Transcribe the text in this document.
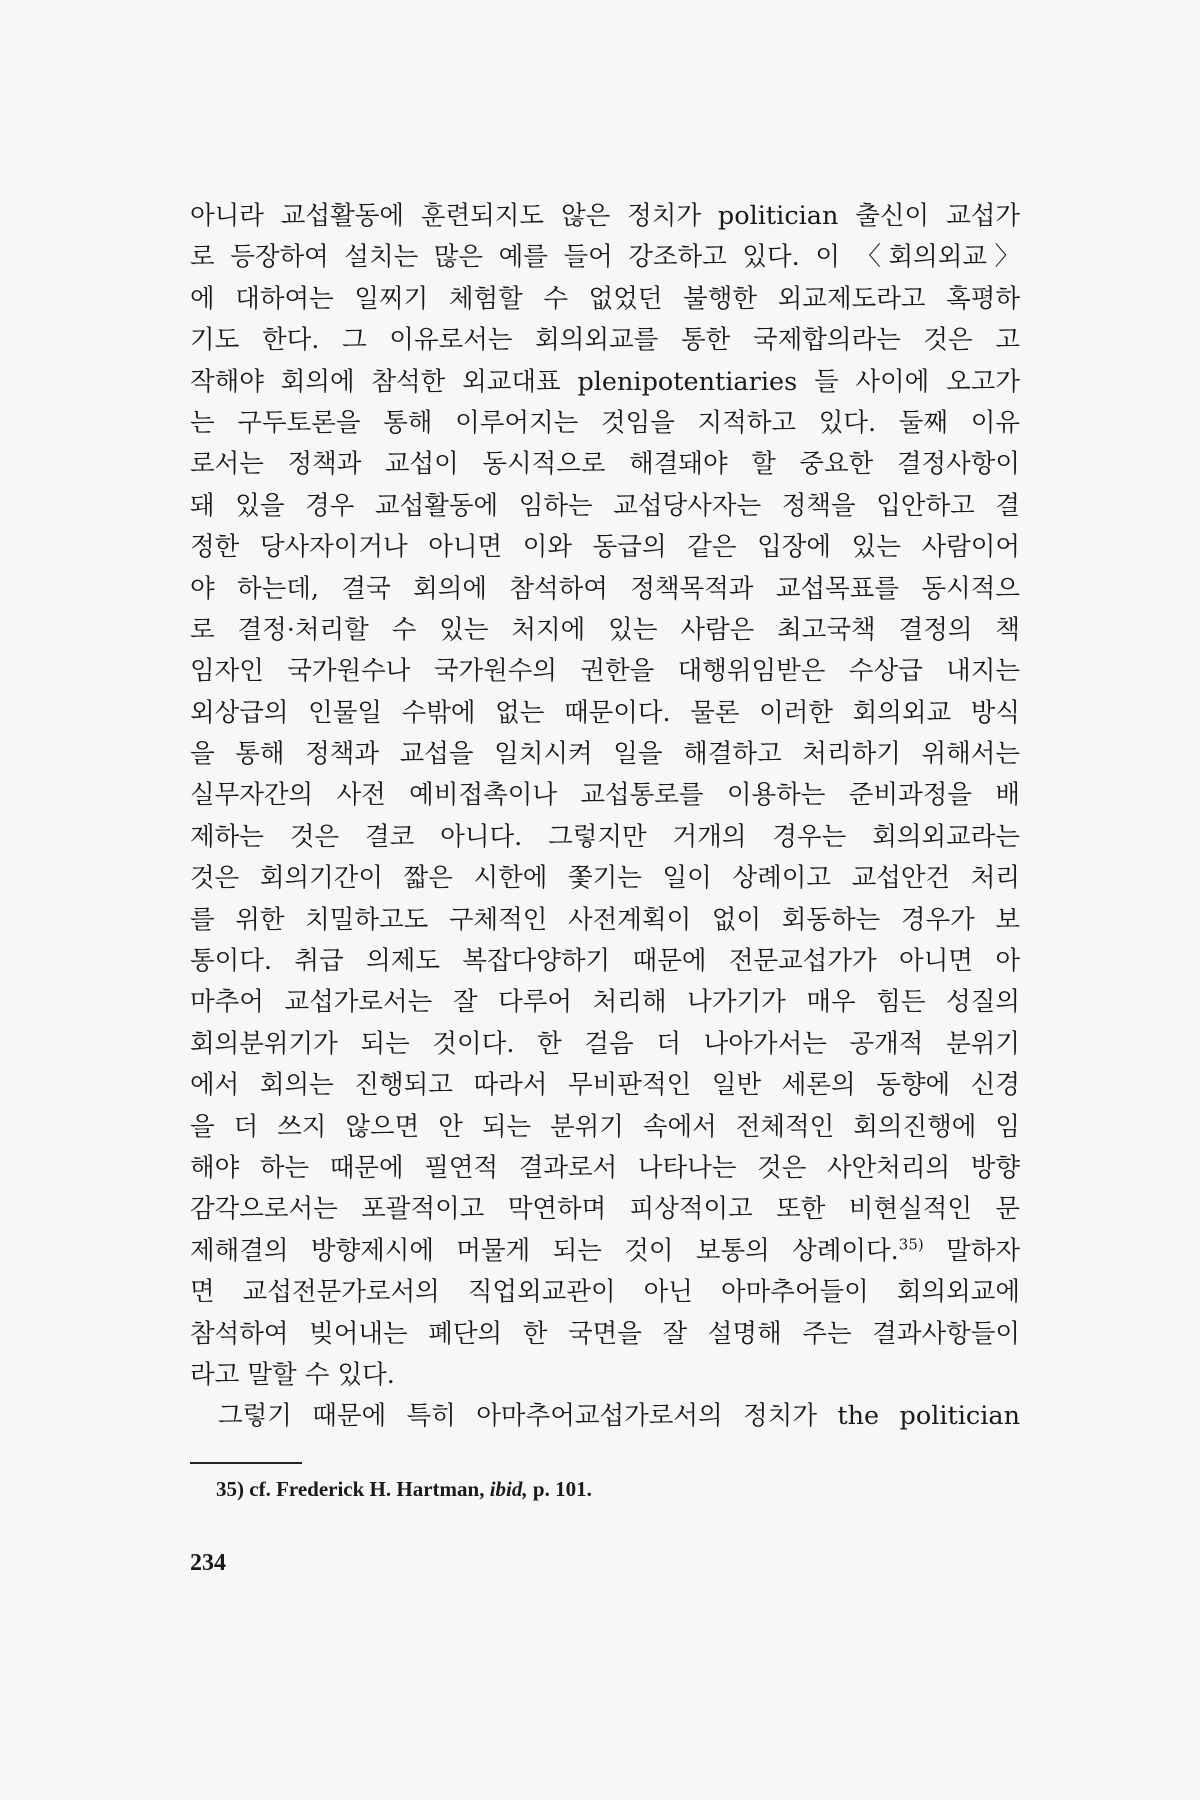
아니라 교섭활동에 훈련되지도 않은 정치가 politician 출신이 교섭가
로 등장하여 설치는 많은 예를 들어 강조하고 있다. 이 〈회의외교〉
에 대하여는 일찌기 체험할 수 없었던 불행한 외교제도라고 혹평하
기도 한다. 그 이유로서는 회의외교를 통한 국제합의라는 것은 고
작해야 회의에 참석한 외교대표 plenipotentiaries 들 사이에 오고가
는 구두토론을 통해 이루어지는 것임을 지적하고 있다. 둘째 이유
로서는 정책과 교섭이 동시적으로 해결돼야 할 중요한 결정사항이
돼 있을 경우 교섭활동에 임하는 교섭당사자는 정책을 입안하고 결
정한 당사자이거나 아니면 이와 동급의 같은 입장에 있는 사람이어
야 하는데, 결국 회의에 참석하여 정책목적과 교섭목표를 동시적으
로 결정·처리할 수 있는 처지에 있는 사람은 최고국책 결정의 책
임자인 국가원수나 국가원수의 권한을 대행위임받은 수상급 내지는
외상급의 인물일 수밖에 없는 때문이다. 물론 이러한 회의외교 방식
을 통해 정책과 교섭을 일치시켜 일을 해결하고 처리하기 위해서는
실무자간의 사전 예비접촉이나 교섭통로를 이용하는 준비과정을 배
제하는 것은 결코 아니다. 그렇지만 거개의 경우는 회의외교라는
것은 회의기간이 짧은 시한에 쫓기는 일이 상례이고 교섭안건 처리
를 위한 치밀하고도 구체적인 사전계획이 없이 회동하는 경우가 보
통이다. 취급 의제도 복잡다양하기 때문에 전문교섭가가 아니면 아
마추어 교섭가로서는 잘 다루어 처리해 나가기가 매우 힘든 성질의
회의분위기가 되는 것이다. 한 걸음 더 나아가서는 공개적 분위기
에서 회의는 진행되고 따라서 무비판적인 일반 세론의 동향에 신경
을 더 쓰지 않으면 안 되는 분위기 속에서 전체적인 회의진행에 임
해야 하는 때문에 필연적 결과로서 나타나는 것은 사안처리의 방향
감각으로서는 포괄적이고 막연하며 피상적이고 또한 비현실적인 문
제해결의 방향제시에 머물게 되는 것이 보통의 상례이다.$^{35)}$ 말하자
면 교섭전문가로서의 직업외교관이 아닌 아마추어들이 회의외교에
참석하여 빚어내는 폐단의 한 국면을 잘 설명해 주는 결과사항들이
라고 말할 수 있다.
그렇기 때문에 특히 아마추어교섭가로서의 정치가 the politician
35) cf. Frederick H. Hartman, ibid, p. 101.
234
